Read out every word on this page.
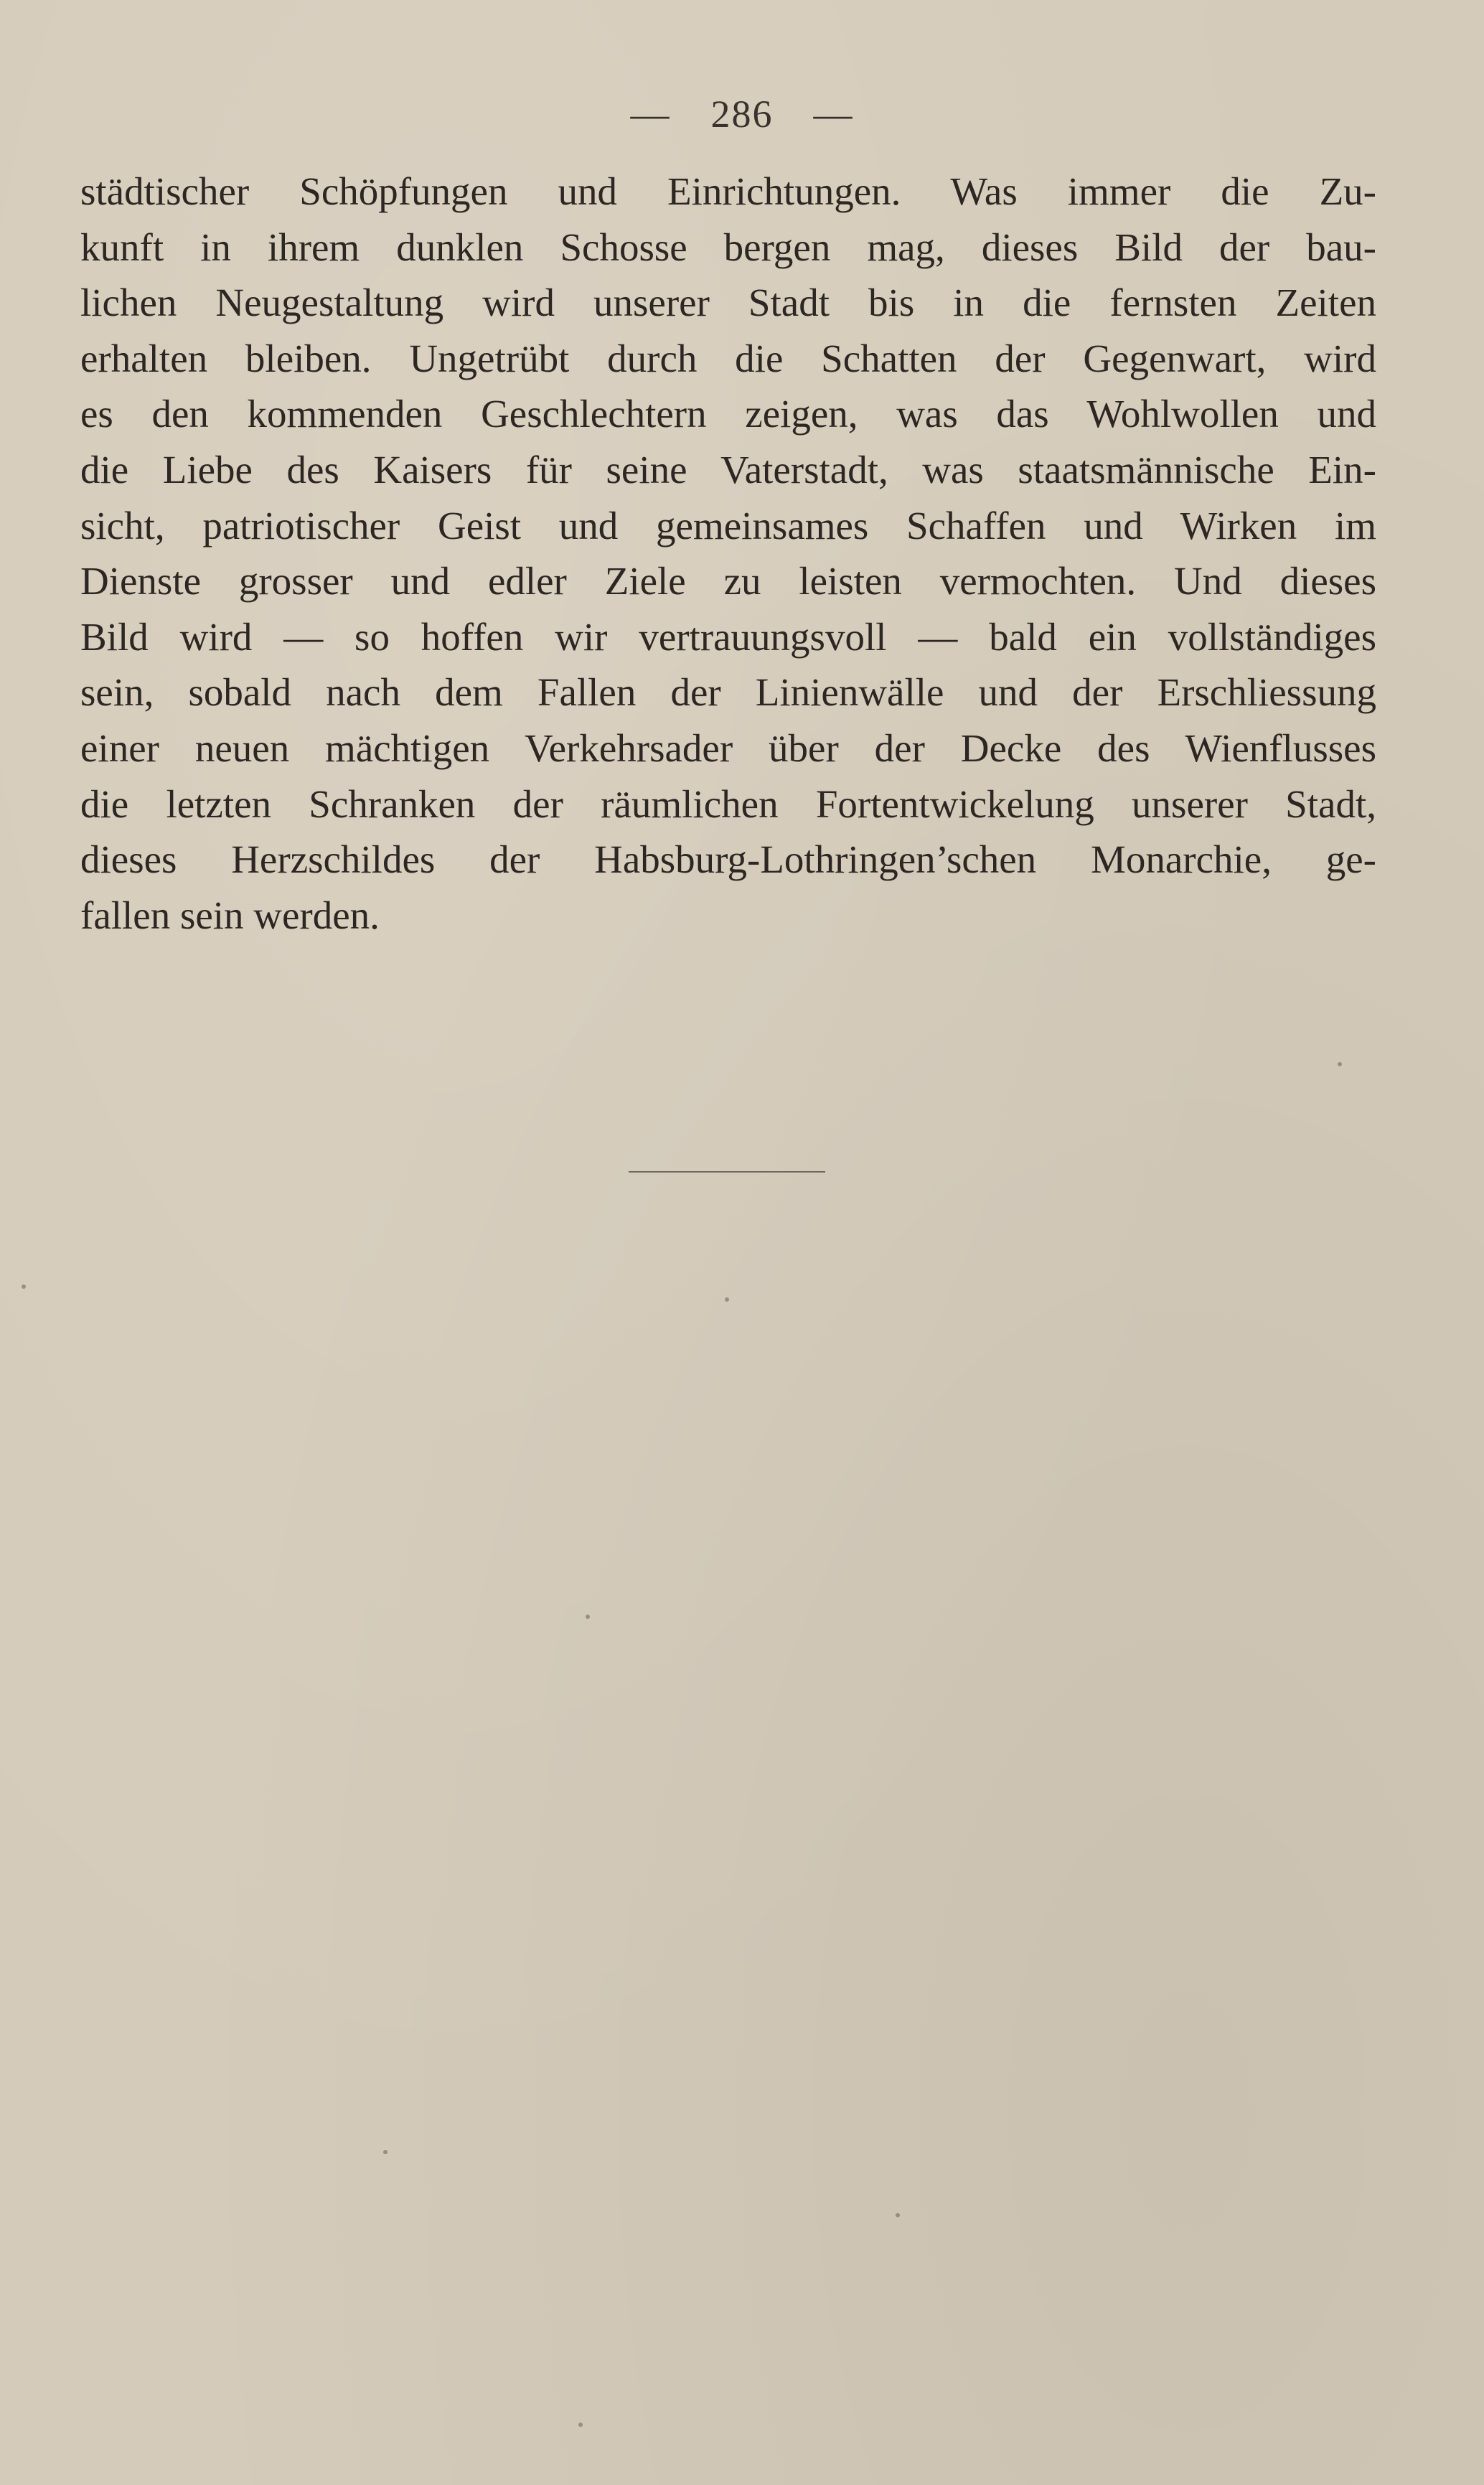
— 286 —
städtischer Schöpfungen und Einrichtungen. Was immer die Zu-
kunft in ihrem dunklen Schosse bergen mag, dieses Bild der bau-
lichen Neugestaltung wird unserer Stadt bis in die fernsten Zeiten
erhalten bleiben. Ungetrübt durch die Schatten der Gegenwart, wird
es den kommenden Geschlechtern zeigen, was das Wohlwollen und
die Liebe des Kaisers für seine Vaterstadt, was staatsmännische Ein-
sicht, patriotischer Geist und gemeinsames Schaffen und Wirken im
Dienste grosser und edler Ziele zu leisten vermochten. Und dieses
Bild wird — so hoffen wir vertrauungsvoll — bald ein vollständiges
sein, sobald nach dem Fallen der Linienwälle und der Erschliessung
einer neuen mächtigen Verkehrsader über der Decke des Wienflusses
die letzten Schranken der räumlichen Fortentwickelung unserer Stadt,
dieses Herzschildes der Habsburg-Lothringen’schen Monarchie, ge-
fallen sein werden.
